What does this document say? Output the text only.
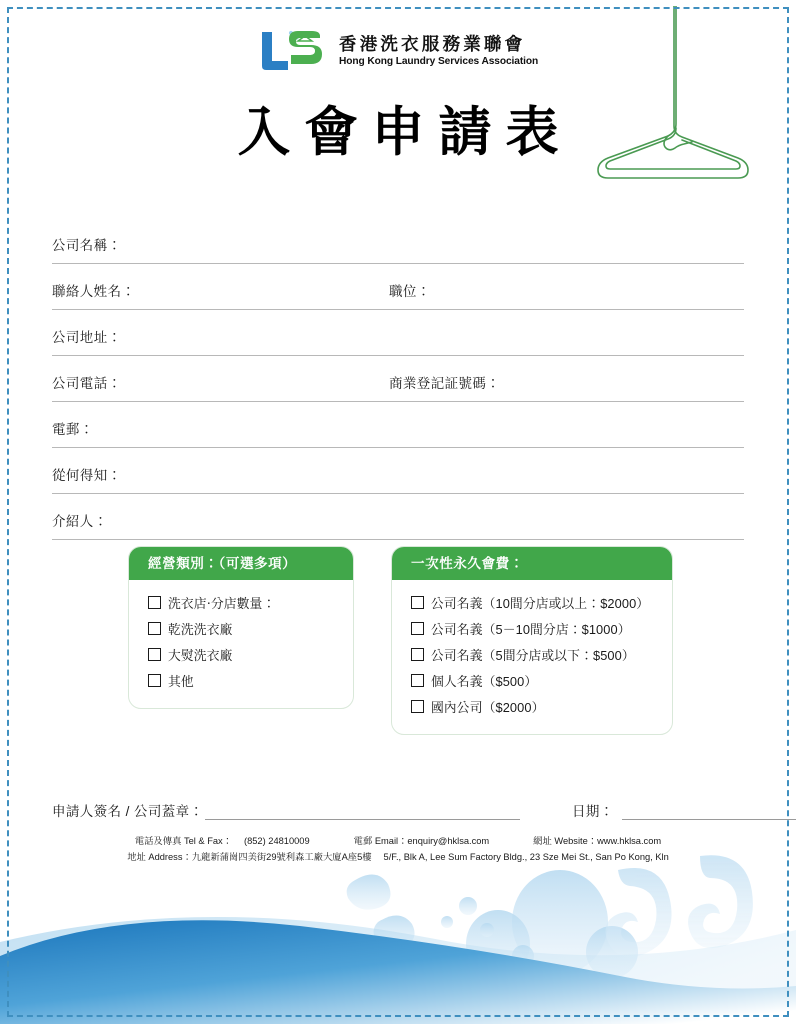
香港洗衣服務業聯會
Hong Kong Laundry Services Association
入會申請表
公司名稱：
聯絡人姓名：	職位：
公司地址：
公司電話：	商業登記証號碼：
電郵：
從何得知：
介紹人：
經營類別：（可選多項）
洗衣店‧分店數量：
乾洗洗衣廠
大熨洗衣廠
其他
一次性永久會費：
公司名義（10間分店或以上：$2000）
公司名義（5－10間分店：$1000）
公司名義（5間分店或以下：$500）
個人名義（$500）
國內公司（$2000）
申請人簽名 / 公司蓋章：	日期：
電話及傳真 Tel & Fax： (852) 24810009	電郵 Email：enquiry@hklsa.com	網址 Website：www.hklsa.com
地址 Address：九龍新蒲崗四美街29號利森工廠大廈A座5樓 5/F., Blk A, Lee Sum Factory Bldg., 23 Sze Mei St., San Po Kong, Kln
